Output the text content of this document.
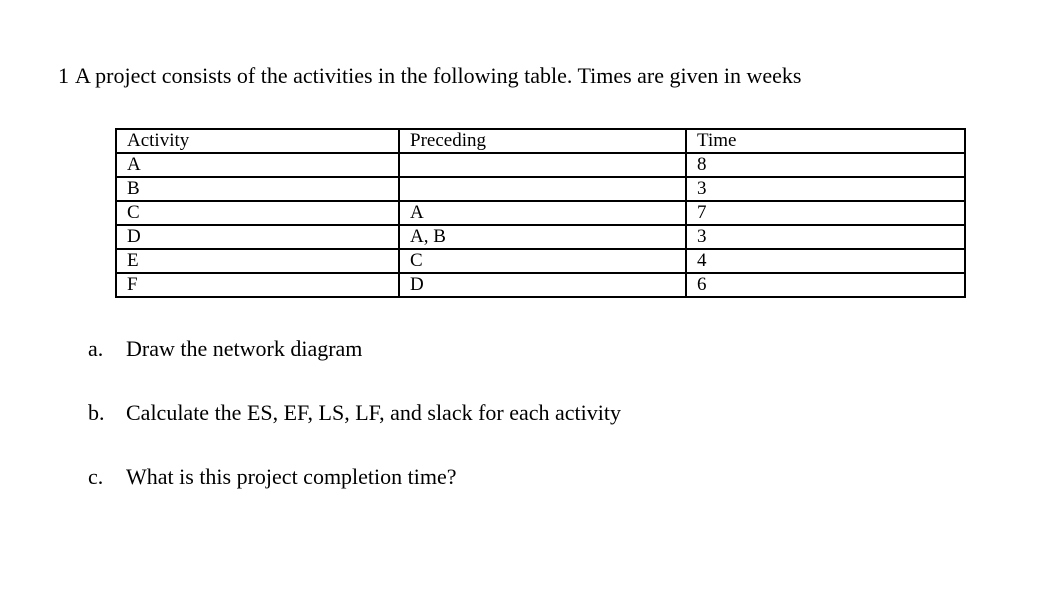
1 A project consists of the activities in the following table. Times are given in weeks
Activity	Preceding	Time
A		8
B		3
C	A	7
D	A, B	3
E	C	4
F	D	6
a. Draw the network diagram
b. Calculate the ES, EF, LS, LF, and slack for each activity
c. What is this project completion time?
